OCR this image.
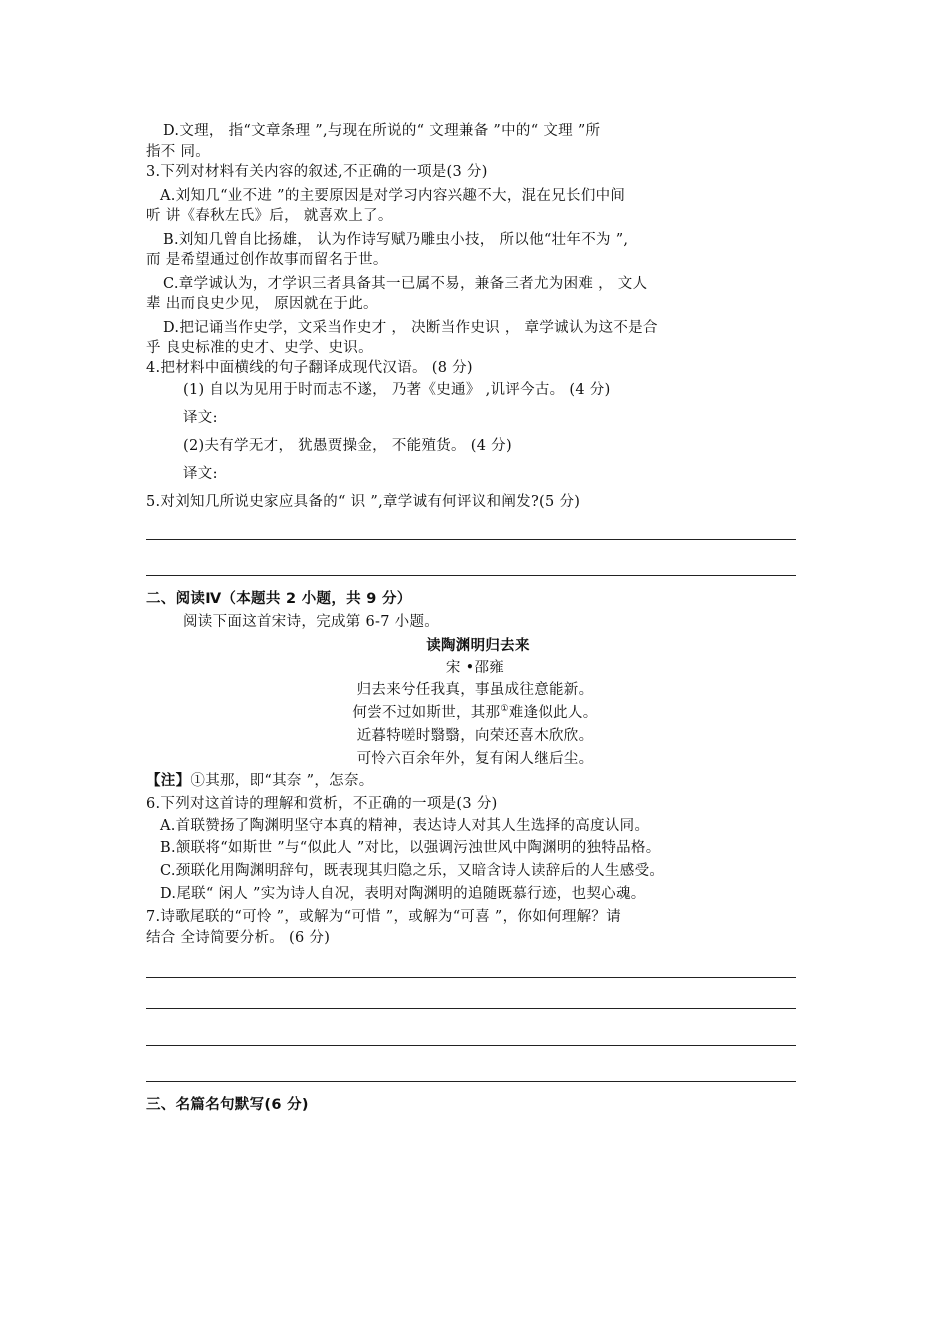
D.文理， 指“文章条理 ”,与现在所说的“ 文理兼备 ”中的“ 文理 ”所
指不 同。
3.下列对材料有关内容的叙述,不正确的一项是(3 分)
A.刘知几“业不进 ”的主要原因是对学习内容兴趣不大，混在兄长们中间
听 讲《春秋左氏》后， 就喜欢上了。
B.刘知几曾自比扬雄， 认为作诗写赋乃雕虫小技， 所以他“壮年不为 ”,
而 是希望通过创作故事而留名于世。
C.章学诚认为，才学识三者具备其一已属不易，兼备三者尤为困难 ， 文人
辈 出而良史少见， 原因就在于此。
D.把记诵当作史学，文采当作史才 ， 决断当作史识 ， 章学诚认为这不是合
乎 良史标准的史才、史学、史识。
4.把材料中面横线的句子翻译成现代汉语。 (8 分)
(1) 自以为见用于时而志不遂， 乃著《史通》 ,讥评今古。 (4 分)
译文:
(2)夫有学无才， 犹愚贾操金， 不能殖货。 (4 分)
译文:
5.对刘知几所说史家应具备的“ 识 ”,章学诚有何评议和阐发?(5 分)
二、阅读Ⅳ（本题共 2 小题，共 9 分）
阅读下面这首宋诗，完成第 6-7 小题。
读陶渊明归去来
宋 •邵雍
归去来兮任我真，事虽成往意能新。
何尝不过如斯世，其那①难逢似此人。
近暮特嗟时翳翳，向荣还喜木欣欣。
可怜六百余年外，复有闲人继后尘。
【注】①其那，即“其奈 ”，怎奈。
6.下列对这首诗的理解和赏析，不正确的一项是(3 分)
A.首联赞扬了陶渊明坚守本真的精神，表达诗人对其人生选择的高度认同。
B.颔联将“如斯世 ”与“似此人 ”对比，以强调污浊世风中陶渊明的独特品格。
C.颈联化用陶渊明辞句，既表现其归隐之乐，又暗含诗人读辞后的人生感受。
D.尾联“ 闲人 ”实为诗人自况，表明对陶渊明的追随既慕行迹，也契心魂。
7.诗歌尾联的“可怜 ”，或解为“可惜 ”，或解为“可喜 ”，你如何理解？请
结合 全诗简要分析。 (6 分)
三、名篇名句默写(6 分)
